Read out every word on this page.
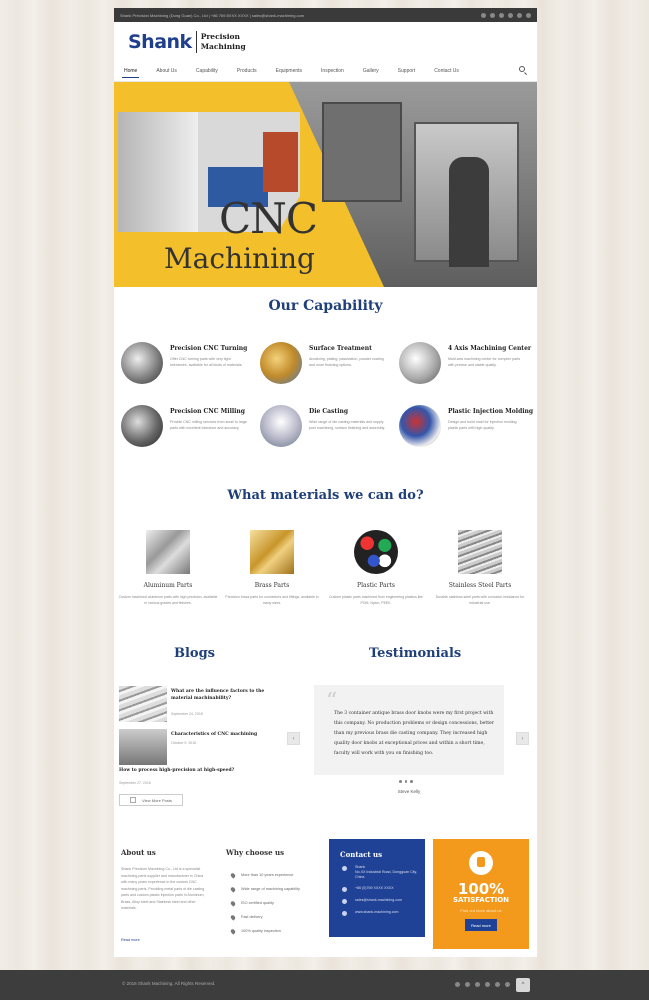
Shank Precision Machining (Dong Guan) Co., Ltd | +86 769 8XXX XXXX | sales@shank-machining.com
Shank Precision
Machining
Home	About Us	Capability	Products	Equipments	Inspection	Gallery	Support	Contact Us
CNC
Machining
Our Capability
Precision CNC Turning
Offer CNC turning parts with very tight tolerances, available for all kinds of materials.
Surface Treatment
Anodizing, plating, passivation, powder coating and more finishing options.
4 Axis Machining Center
Multi-axis machining center for complex parts with precise and stable quality.
Precision CNC Milling
Provide CNC milling services from small to large parts with excellent tolerance and accuracy.
Die Casting
Wide range of die casting materials and supply post machining, surface finishing and assembly.
Plastic Injection Molding
Design and build mold for injection molding plastic parts with high quality.
What materials we can do?
Aluminum Parts
Custom machined aluminum parts with high precision, available in various grades and finishes.
Brass Parts
Precision brass parts for connectors and fittings, available in many sizes.
Plastic Parts
Custom plastic parts machined from engineering plastics like POM, Nylon, PEEK.
Stainless Steel Parts
Durable stainless steel parts with corrosion resistance for industrial use.
Blogs	Testimonials
What are the influence factors to the material machinability?
September 24, 2018
Characteristics of CNC machining
October 9, 2018
How to process high-precision at high-speed?
September 27, 2018
View More Posts
‹
“
The 3 container antique brass door knobs were my first project with this company. No production problems or design concessions, better than my previous brass die casting company. They increased high quality door knobs at exceptional prices and within a short time, faculty will work with you on finishing too.
›
Steve Kelly
About us
Shank Precision Machining Co., Ltd is a specialist machining parts supplier and manufacturer in China with many years experience in the custom CNC machining parts. Providing metal parts of die casting parts and custom plastic injection parts in Aluminum, Brass, Alloy steel and Stainless steel and other materials.
Read more
Why choose us
More than 10 years experience
Wide range of machining capability
ISO certified quality
Fast delivery
100% quality inspection
Contact us
Shank
No.XX Industrial Road, Dongguan City, China
+86 (0)769 XXXX XXXX
sales@shank-machining.com
www.shank-machining.com
100%
SATISFACTION
Find out more about us
Read more
© 2018 Shank Machining. All Rights Reserved.	^
